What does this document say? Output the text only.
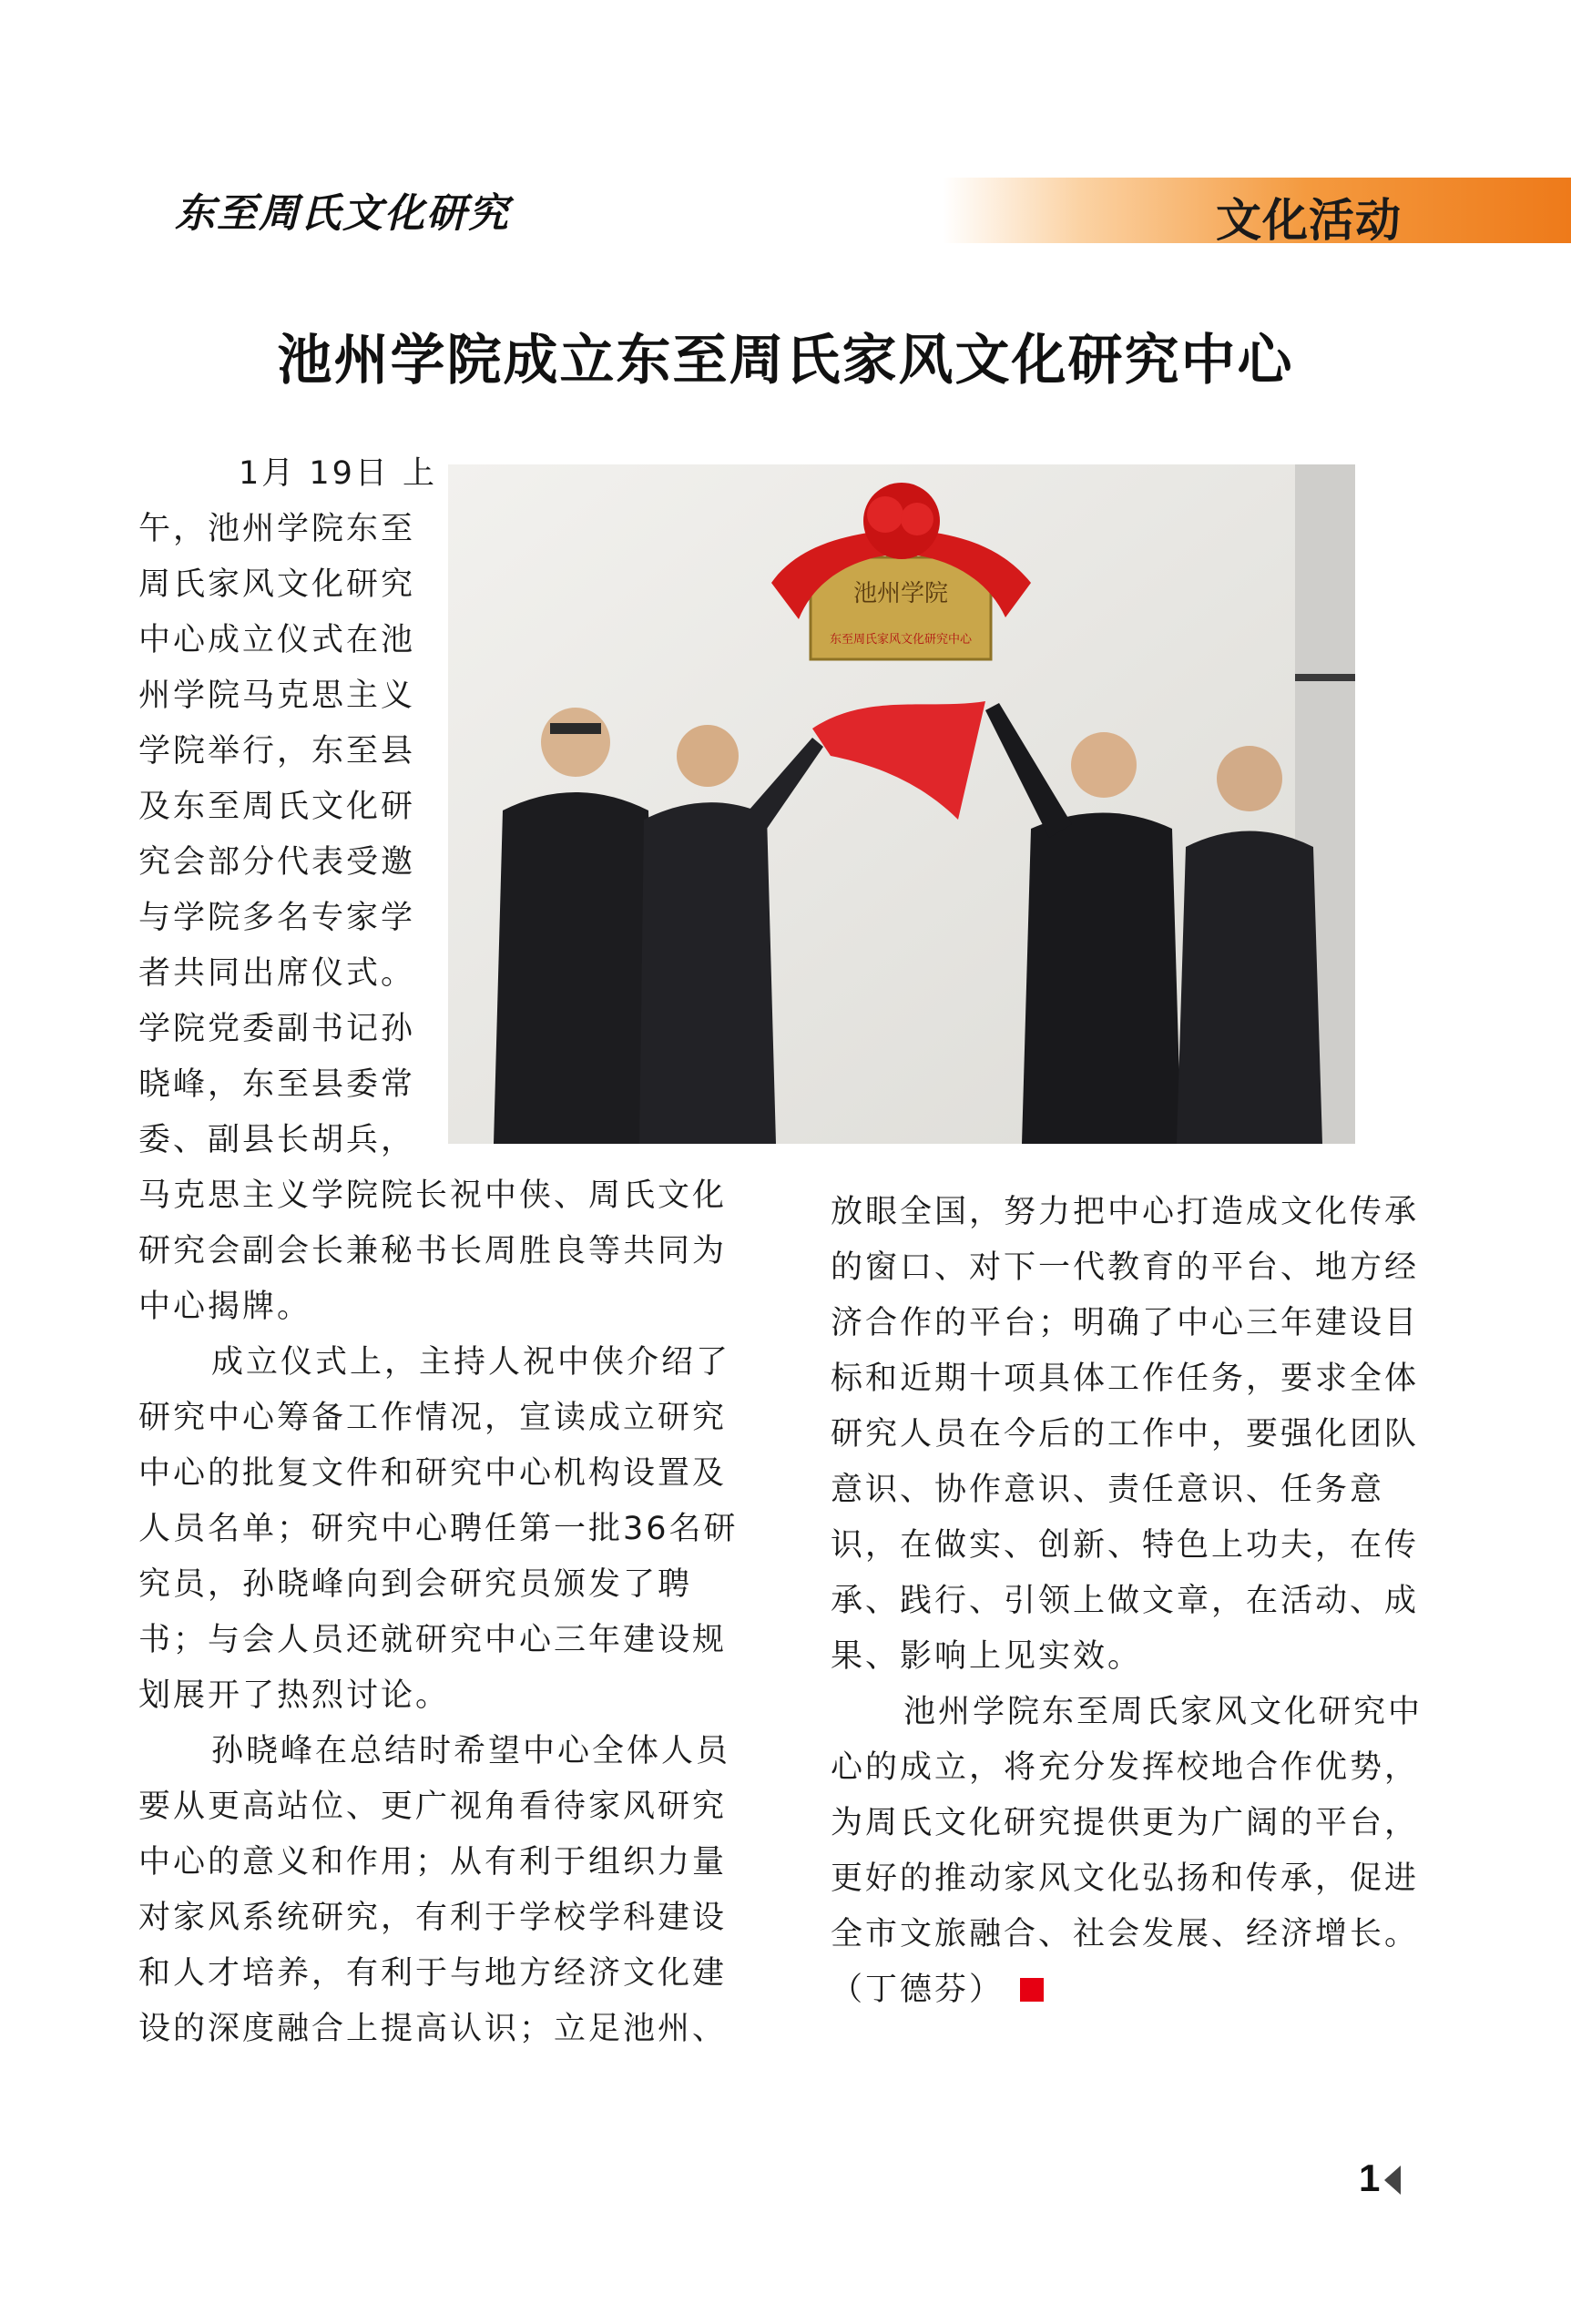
东至周氏文化研究	文化活动
池州学院成立东至周氏家风文化研究中心
1月 19日 上
午，池州学院东至
周氏家风文化研究
中心成立仪式在池
州学院马克思主义
学院举行，东至县
及东至周氏文化研
究会部分代表受邀
与学院多名专家学
者共同出席仪式。
学院党委副书记孙
晓峰，东至县委常
委、副县长胡兵，
马克思主义学院院长祝中侠、周氏文化
研究会副会长兼秘书长周胜良等共同为
中心揭牌。
成立仪式上，主持人祝中侠介绍了
研究中心筹备工作情况，宣读成立研究
中心的批复文件和研究中心机构设置及
人员名单；研究中心聘任第一批36名研
究员，孙晓峰向到会研究员颁发了聘
书；与会人员还就研究中心三年建设规
划展开了热烈讨论。
孙晓峰在总结时希望中心全体人员
要从更高站位、更广视角看待家风研究
中心的意义和作用；从有利于组织力量
对家风系统研究，有利于学校学科建设
和人才培养，有利于与地方经济文化建
设的深度融合上提高认识；立足池州、
放眼全国，努力把中心打造成文化传承
的窗口、对下一代教育的平台、地方经
济合作的平台；明确了中心三年建设目
标和近期十项具体工作任务，要求全体
研究人员在今后的工作中，要强化团队
意识、协作意识、责任意识、任务意
识，在做实、创新、特色上功夫，在传
承、践行、引领上做文章，在活动、成
果、影响上见实效。
池州学院东至周氏家风文化研究中
心的成立，将充分发挥校地合作优势，
为周氏文化研究提供更为广阔的平台，
更好的推动家风文化弘扬和传承，促进
全市文旅融合、社会发展、经济增长。
（丁德芬）
池州学院
东至周氏家风文化研究中心
1
